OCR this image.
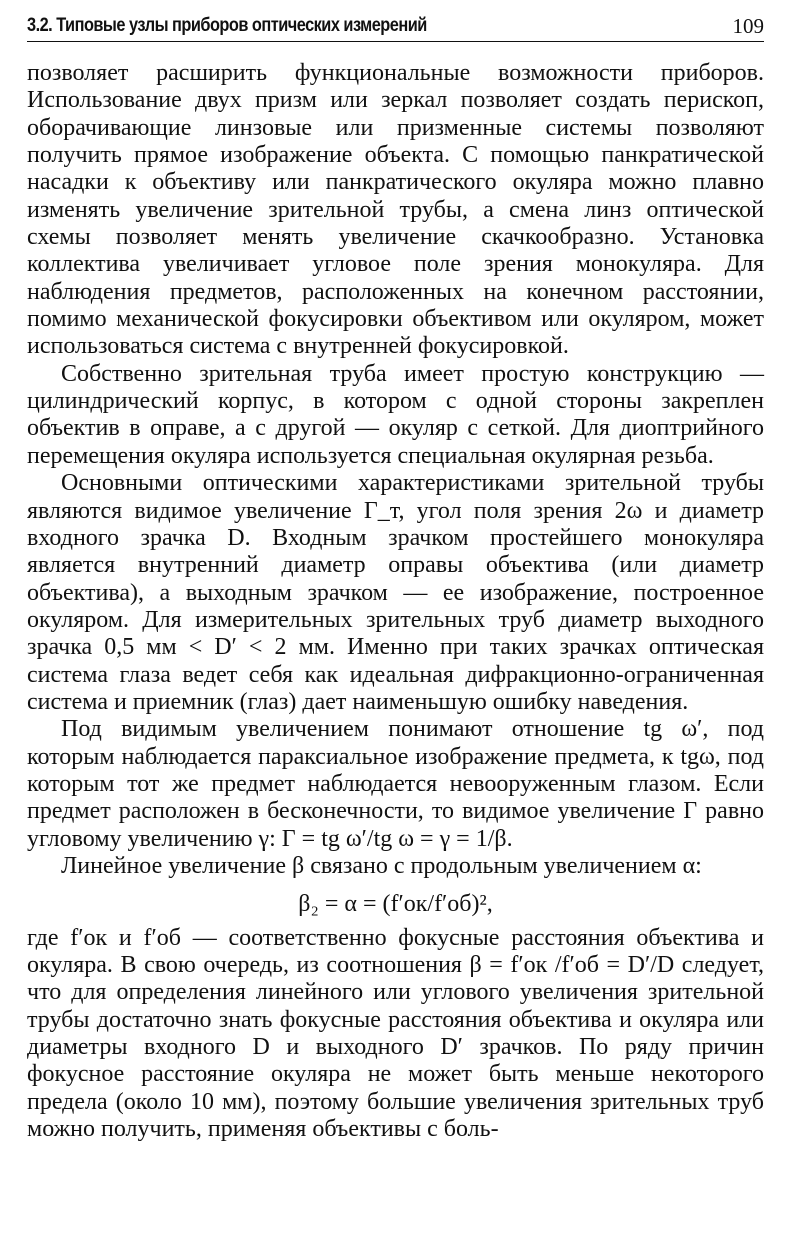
3.2. Типовые узлы приборов оптических измерений	109

позволяет расширить функциональные возможности приборов. Использование двух призм или зеркал позволяет создать перископ, оборачивающие линзовые или призменные системы позволяют получить прямое изображение объекта. С помощью панкратической насадки к объективу или панкратического окуляра можно плавно изменять увеличение зрительной трубы, а смена линз оптической схемы позволяет менять увеличение скачкообразно. Установка коллектива увеличивает угловое поле зрения монокуляра. Для наблюдения предметов, расположенных на конечном расстоянии, помимо механической фокусировки объективом или окуляром, может использоваться система с внутренней фокусировкой.

Собственно зрительная труба имеет простую конструкцию — цилиндрический корпус, в котором с одной стороны закреплен объектив в оправе, а с другой — окуляр с сеткой. Для диоптрийного перемещения окуляра используется специальная окулярная резьба.

Основными оптическими характеристиками зрительной трубы являются видимое увеличение Г_т, угол поля зрения 2ω и диаметр входного зрачка D. Входным зрачком простейшего монокуляра является внутренний диаметр оправы объектива (или диаметр объектива), а выходным зрачком — ее изображение, построенное окуляром. Для измерительных зрительных труб диаметр выходного зрачка 0,5 мм < D′ < 2 мм. Именно при таких зрачках оптическая система глаза ведет себя как идеальная дифракционно-ограниченная система и приемник (глаз) дает наименьшую ошибку наведения.

Под видимым увеличением понимают отношение tg ω′, под которым наблюдается параксиальное изображение предмета, к tgω, под которым тот же предмет наблюдается невооруженным глазом. Если предмет расположен в бесконечности, то видимое увеличение Г равно угловому увеличению γ: Г = tg ω′/tg ω = γ = 1/β.

Линейное увеличение β связано с продольным увеличением α:

β₂ = α = (f′ок/f′об)²,

где f′ок и f′об — соответственно фокусные расстояния объектива и окуляра. В свою очередь, из соотношения β = f′ок /f′об = D′/D следует, что для определения линейного или углового увеличения зрительной трубы достаточно знать фокусные расстояния объектива и окуляра или диаметры входного D и выходного D′ зрачков. По ряду причин фокусное расстояние окуляра не может быть меньше некоторого предела (около 10 мм), поэтому большие увеличения зрительных труб можно получить, применяя объективы с боль-
